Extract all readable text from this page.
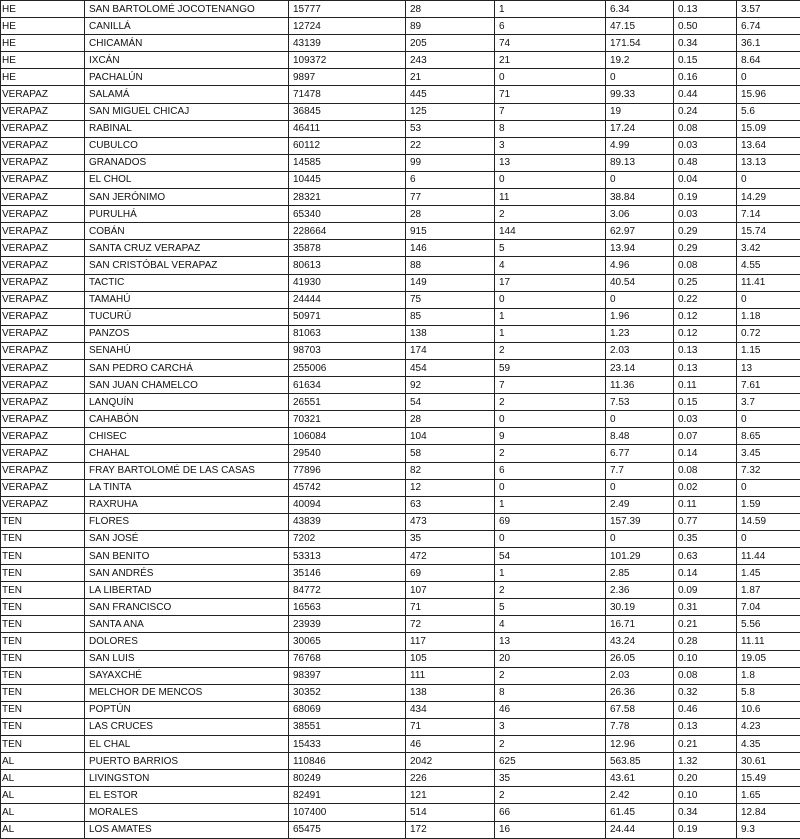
HE	SAN BARTOLOMÉ JOCOTENANGO	15777	28	1	6.34	0.13	3.57
HE	CANILLÁ	12724	89	6	47.15	0.50	6.74
HE	CHICAMÁN	43139	205	74	171.54	0.34	36.1
HE	IXCÁN	109372	243	21	19.2	0.15	8.64
HE	PACHALÚN	9897	21	0	0	0.16	0
VERAPAZ	SALAMÁ	71478	445	71	99.33	0.44	15.96
VERAPAZ	SAN MIGUEL CHICAJ	36845	125	7	19	0.24	5.6
VERAPAZ	RABINAL	46411	53	8	17.24	0.08	15.09
VERAPAZ	CUBULCO	60112	22	3	4.99	0.03	13.64
VERAPAZ	GRANADOS	14585	99	13	89.13	0.48	13.13
VERAPAZ	EL CHOL	10445	6	0	0	0.04	0
VERAPAZ	SAN JERÓNIMO	28321	77	11	38.84	0.19	14.29
VERAPAZ	PURULHÁ	65340	28	2	3.06	0.03	7.14
VERAPAZ	COBÁN	228664	915	144	62.97	0.29	15.74
VERAPAZ	SANTA CRUZ VERAPAZ	35878	146	5	13.94	0.29	3.42
VERAPAZ	SAN CRISTÓBAL VERAPAZ	80613	88	4	4.96	0.08	4.55
VERAPAZ	TACTIC	41930	149	17	40.54	0.25	11.41
VERAPAZ	TAMAHÚ	24444	75	0	0	0.22	0
VERAPAZ	TUCURÚ	50971	85	1	1.96	0.12	1.18
VERAPAZ	PANZOS	81063	138	1	1.23	0.12	0.72
VERAPAZ	SENAHÚ	98703	174	2	2.03	0.13	1.15
VERAPAZ	SAN PEDRO CARCHÁ	255006	454	59	23.14	0.13	13
VERAPAZ	SAN JUAN CHAMELCO	61634	92	7	11.36	0.11	7.61
VERAPAZ	LANQUÍN	26551	54	2	7.53	0.15	3.7
VERAPAZ	CAHABÓN	70321	28	0	0	0.03	0
VERAPAZ	CHISEC	106084	104	9	8.48	0.07	8.65
VERAPAZ	CHAHAL	29540	58	2	6.77	0.14	3.45
VERAPAZ	FRAY BARTOLOMÉ DE LAS CASAS	77896	82	6	7.7	0.08	7.32
VERAPAZ	LA TINTA	45742	12	0	0	0.02	0
VERAPAZ	RAXRUHA	40094	63	1	2.49	0.11	1.59
TEN	FLORES	43839	473	69	157.39	0.77	14.59
TEN	SAN JOSÉ	7202	35	0	0	0.35	0
TEN	SAN BENITO	53313	472	54	101.29	0.63	11.44
TEN	SAN ANDRÉS	35146	69	1	2.85	0.14	1.45
TEN	LA LIBERTAD	84772	107	2	2.36	0.09	1.87
TEN	SAN FRANCISCO	16563	71	5	30.19	0.31	7.04
TEN	SANTA ANA	23939	72	4	16.71	0.21	5.56
TEN	DOLORES	30065	117	13	43.24	0.28	11.11
TEN	SAN LUIS	76768	105	20	26.05	0.10	19.05
TEN	SAYAXCHÉ	98397	111	2	2.03	0.08	1.8
TEN	MELCHOR DE MENCOS	30352	138	8	26.36	0.32	5.8
TEN	POPTÚN	68069	434	46	67.58	0.46	10.6
TEN	LAS CRUCES	38551	71	3	7.78	0.13	4.23
TEN	EL CHAL	15433	46	2	12.96	0.21	4.35
AL	PUERTO BARRIOS	110846	2042	625	563.85	1.32	30.61
AL	LIVINGSTON	80249	226	35	43.61	0.20	15.49
AL	EL ESTOR	82491	121	2	2.42	0.10	1.65
AL	MORALES	107400	514	66	61.45	0.34	12.84
AL	LOS AMATES	65475	172	16	24.44	0.19	9.3
